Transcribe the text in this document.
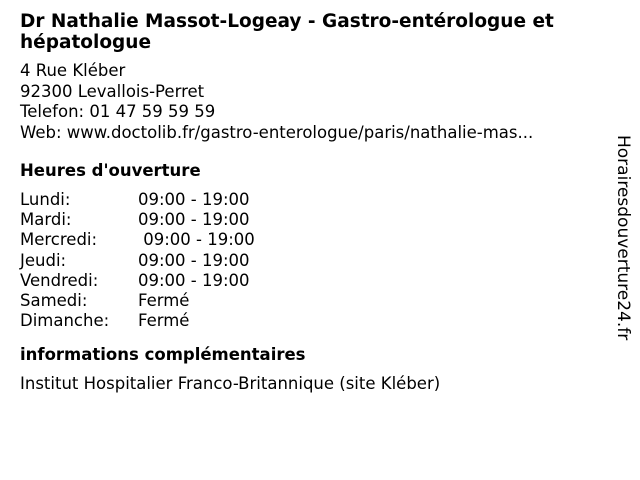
Dr Nathalie Massot-Logeay - Gastro-entérologue et hépatologue
4 Rue Kléber
92300 Levallois-Perret
Telefon: 01 47 59 59 59
Web: www.doctolib.fr/gastro-enterologue/paris/nathalie-mas...
Heures d'ouverture
Lundi:	09:00 - 19:00
Mardi:	09:00 - 19:00
Mercredi:	09:00 - 19:00
Jeudi:	09:00 - 19:00
Vendredi:	09:00 - 19:00
Samedi:	Fermé
Dimanche:	Fermé
informations complémentaires
Institut Hospitalier Franco-Britannique (site Kléber)
Horairesdouverture24.fr
